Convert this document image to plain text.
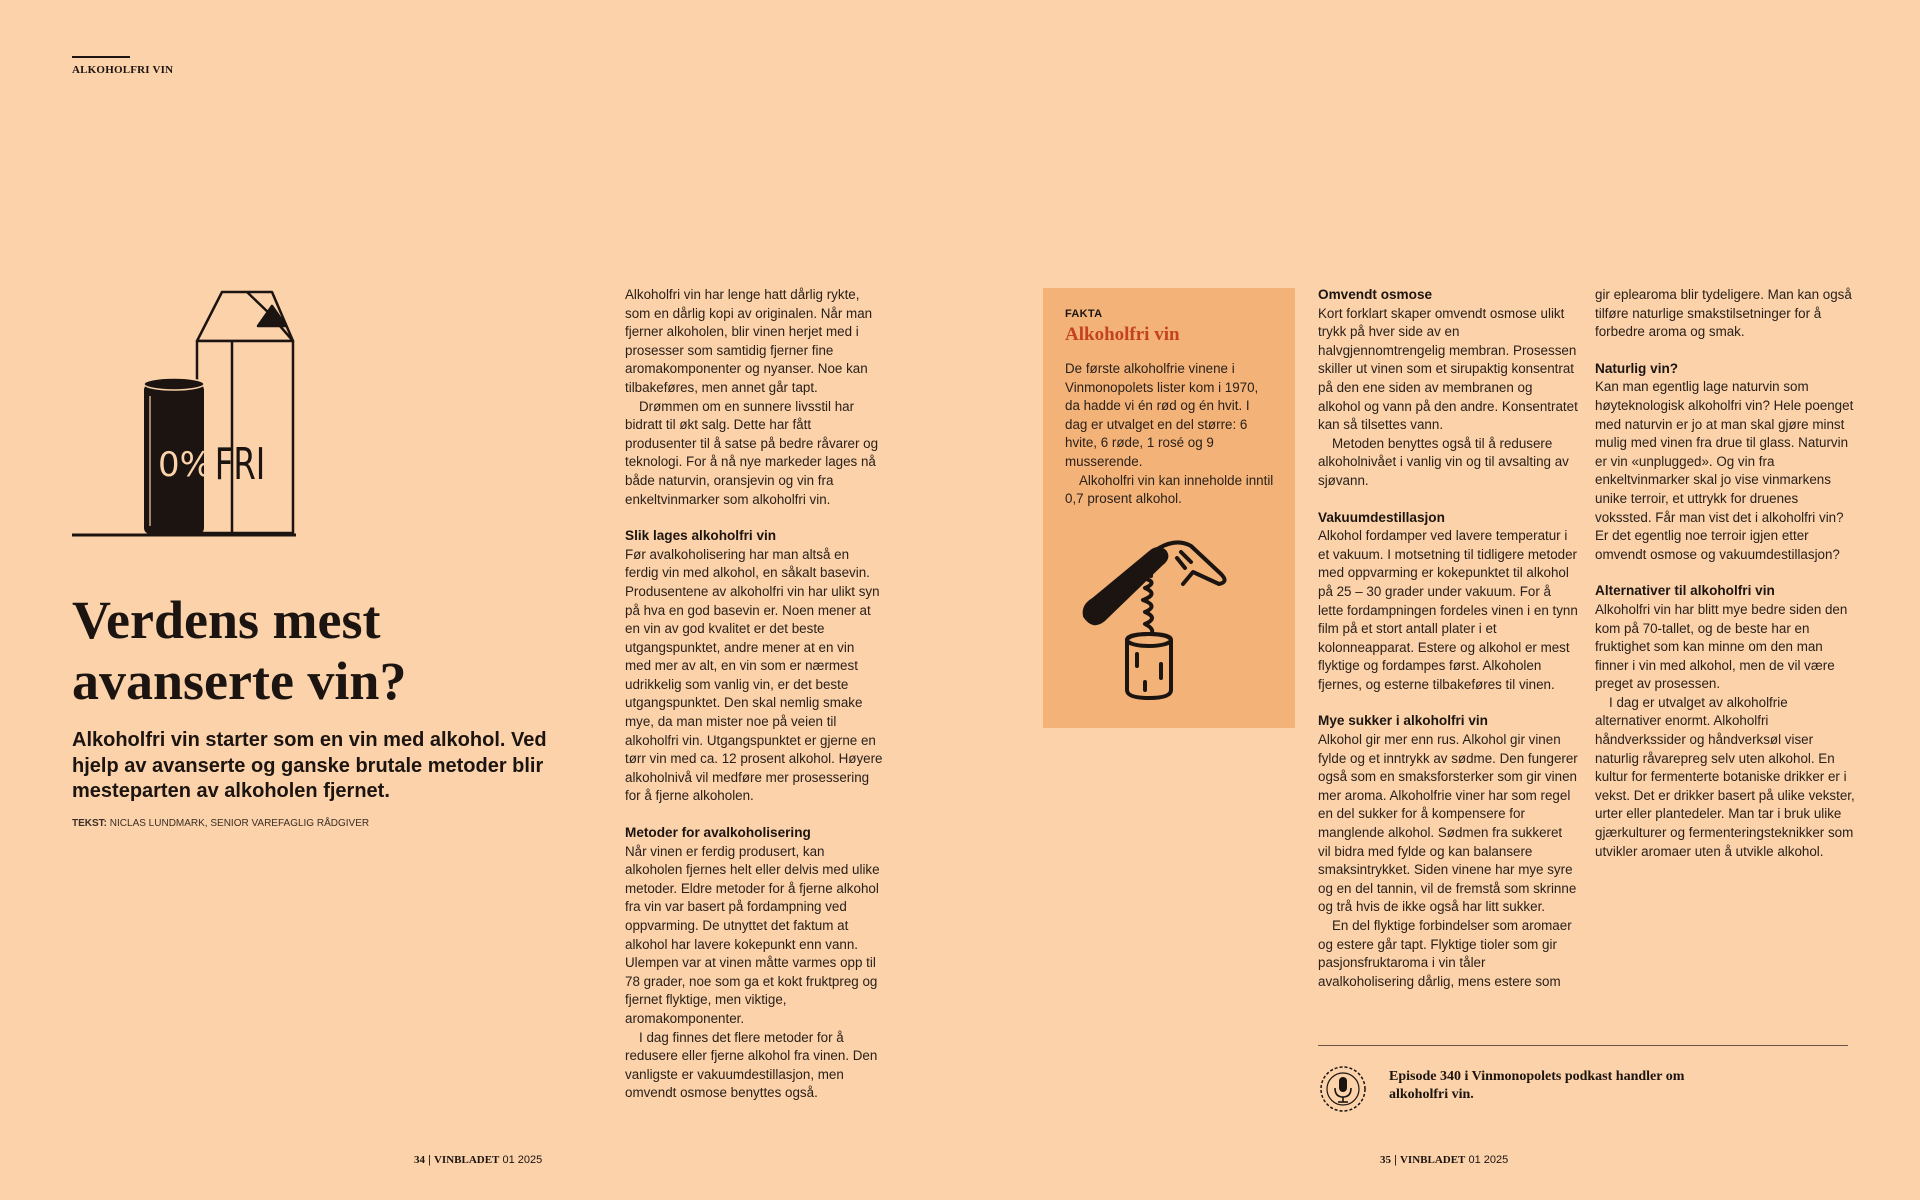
ALKOHOLFRI VIN
FRI
0%
Verdens mest
avanserte vin?

Alkoholfri vin starter som en vin med alkohol. Ved hjelp av avanserte og ganske brutale metoder blir mesteparten av alkoholen fjernet.

TEKST: NICLAS LUNDMARK, SENIOR VAREFAGLIG RÅDGIVER

Alkoholfri vin har lenge hatt dårlig rykte, som en dårlig kopi av originalen. Når man fjerner alkoholen, blir vinen herjet med i prosesser som samtidig fjerner fine aromakomponenter og nyanser. Noe kan tilbakeføres, men annet går tapt.

Drømmen om en sunnere livsstil har bidratt til økt salg. Dette har fått produsenter til å satse på bedre råvarer og teknologi. For å nå nye markeder lages nå både naturvin, oransjevin og vin fra enkeltvinmarker som alkoholfri vin.

Slik lages alkoholfri vin

Før avalkoholisering har man altså en ferdig vin med alkohol, en såkalt basevin. Produsentene av alkoholfri vin har ulikt syn på hva en god basevin er. Noen mener at en vin av god kvalitet er det beste utgangspunktet, andre mener at en vin med mer av alt, en vin som er nærmest udrikkelig som vanlig vin, er det beste utgangspunktet. Den skal nemlig smake mye, da man mister noe på veien til alkoholfri vin. Utgangspunktet er gjerne en tørr vin med ca. 12 prosent alkohol. Høyere alkoholnivå vil medføre mer prosessering for å fjerne alkoholen.

Metoder for avalkoholisering

Når vinen er ferdig produsert, kan alkoholen fjernes helt eller delvis med ulike metoder. Eldre metoder for å fjerne alkohol fra vin var basert på fordampning ved oppvarming. De utnyttet det faktum at alkohol har lavere kokepunkt enn vann. Ulempen var at vinen måtte varmes opp til 78 grader, noe som ga et kokt fruktpreg og fjernet flyktige, men viktige, aromakomponenter.

I dag finnes det flere metoder for å redusere eller fjerne alkohol fra vinen. Den vanligste er vakuumdestillasjon, men omvendt osmose benyttes også.

FAKTA
Alkoholfri vin

De første alkoholfrie vinene i Vinmonopolets lister kom i 1970, da hadde vi én rød og én hvit. I dag er utvalget en del større: 6 hvite, 6 røde, 1 rosé og 9 musserende.

Alkoholfri vin kan inneholde inntil 0,7 prosent alkohol.

Omvendt osmose

Kort forklart skaper omvendt osmose ulikt trykk på hver side av en halvgjennomtrengelig membran. Prosessen skiller ut vinen som et sirupaktig konsentrat på den ene siden av membranen og alkohol og vann på den andre. Konsentratet kan så tilsettes vann.

Metoden benyttes også til å redusere alkoholnivået i vanlig vin og til avsalting av sjøvann.

Vakuumdestillasjon

Alkohol fordamper ved lavere temperatur i et vakuum. I motsetning til tidligere metoder med oppvarming er kokepunktet til alkohol på 25 – 30 grader under vakuum. For å lette fordampningen fordeles vinen i en tynn film på et stort antall plater i et kolonneapparat. Estere og alkohol er mest flyktige og fordampes først. Alkoholen fjernes, og esterne tilbakeføres til vinen.

Mye sukker i alkoholfri vin

Alkohol gir mer enn rus. Alkohol gir vinen fylde og et inntrykk av sødme. Den fungerer også som en smaksforsterker som gir vinen mer aroma. Alkoholfrie viner har som regel en del sukker for å kompensere for manglende alkohol. Sødmen fra sukkeret vil bidra med fylde og kan balansere smaksintrykket. Siden vinene har mye syre og en del tannin, vil de fremstå som skrinne og trå hvis de ikke også har litt sukker.

En del flyktige forbindelser som aromaer og estere går tapt. Flyktige tioler som gir pasjonsfruktaroma i vin tåler avalkoholisering dårlig, mens estere som

gir eplearoma blir tydeligere. Man kan også tilføre naturlige smakstilsetninger for å forbedre aroma og smak.

Naturlig vin?

Kan man egentlig lage naturvin som høyteknologisk alkoholfri vin? Hele poenget med naturvin er jo at man skal gjøre minst mulig med vinen fra drue til glass. Naturvin er vin «unplugged». Og vin fra enkeltvinmarker skal jo vise vinmarkens unike terroir, et uttrykk for druenes vokssted. Får man vist det i alkoholfri vin? Er det egentlig noe terroir igjen etter omvendt osmose og vakuumdestillasjon?

Alternativer til alkoholfri vin

Alkoholfri vin har blitt mye bedre siden den kom på 70-tallet, og de beste har en fruktighet som kan minne om den man finner i vin med alkohol, men de vil være preget av prosessen.

I dag er utvalget av alkoholfrie alternativer enormt. Alkoholfri håndverkssider og håndverksøl viser naturlig råvarepreg selv uten alkohol. En kultur for fermenterte botaniske drikker er i vekst. Det er drikker basert på ulike vekster, urter eller plantedeler. Man tar i bruk ulike gjærkulturer og fermenteringsteknikker som utvikler aromaer uten å utvikle alkohol.

Episode 340 i Vinmonopolets podkast handler om alkoholfri vin.
34 | VINBLADET 01 2025	35 | VINBLADET 01 2025
